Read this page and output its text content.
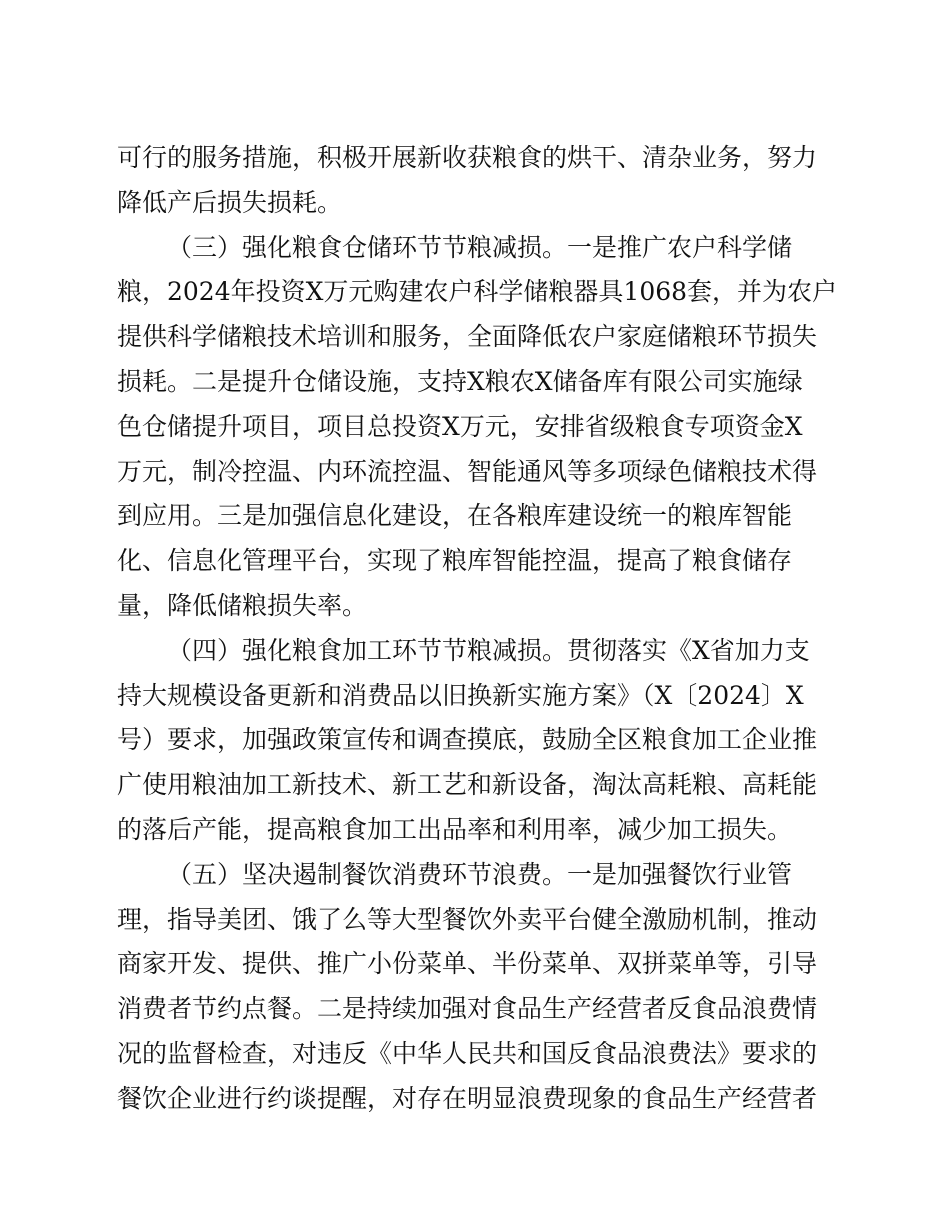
可行的服务措施，积极开展新收获粮食的烘干、清杂业务，努力
降低产后损失损耗。
（三）强化粮食仓储环节节粮减损。一是推广农户科学储
粮，2024年投资X万元购建农户科学储粮器具1068套，并为农户
提供科学储粮技术培训和服务，全面降低农户家庭储粮环节损失
损耗。二是提升仓储设施，支持X粮农X储备库有限公司实施绿
色仓储提升项目，项目总投资X万元，安排省级粮食专项资金X
万元，制冷控温、内环流控温、智能通风等多项绿色储粮技术得
到应用。三是加强信息化建设，在各粮库建设统一的粮库智能
化、信息化管理平台，实现了粮库智能控温，提高了粮食储存
量，降低储粮损失率。
（四）强化粮食加工环节节粮减损。贯彻落实《X省加力支
持大规模设备更新和消费品以旧换新实施方案》（X〔2024〕X
号）要求，加强政策宣传和调查摸底，鼓励全区粮食加工企业推
广使用粮油加工新技术、新工艺和新设备，淘汰高耗粮、高耗能
的落后产能，提高粮食加工出品率和利用率，减少加工损失。
（五）坚决遏制餐饮消费环节浪费。一是加强餐饮行业管
理，指导美团、饿了么等大型餐饮外卖平台健全激励机制，推动
商家开发、提供、推广小份菜单、半份菜单、双拼菜单等，引导
消费者节约点餐。二是持续加强对食品生产经营者反食品浪费情
况的监督检查，对违反《中华人民共和国反食品浪费法》要求的
餐饮企业进行约谈提醒，对存在明显浪费现象的食品生产经营者
